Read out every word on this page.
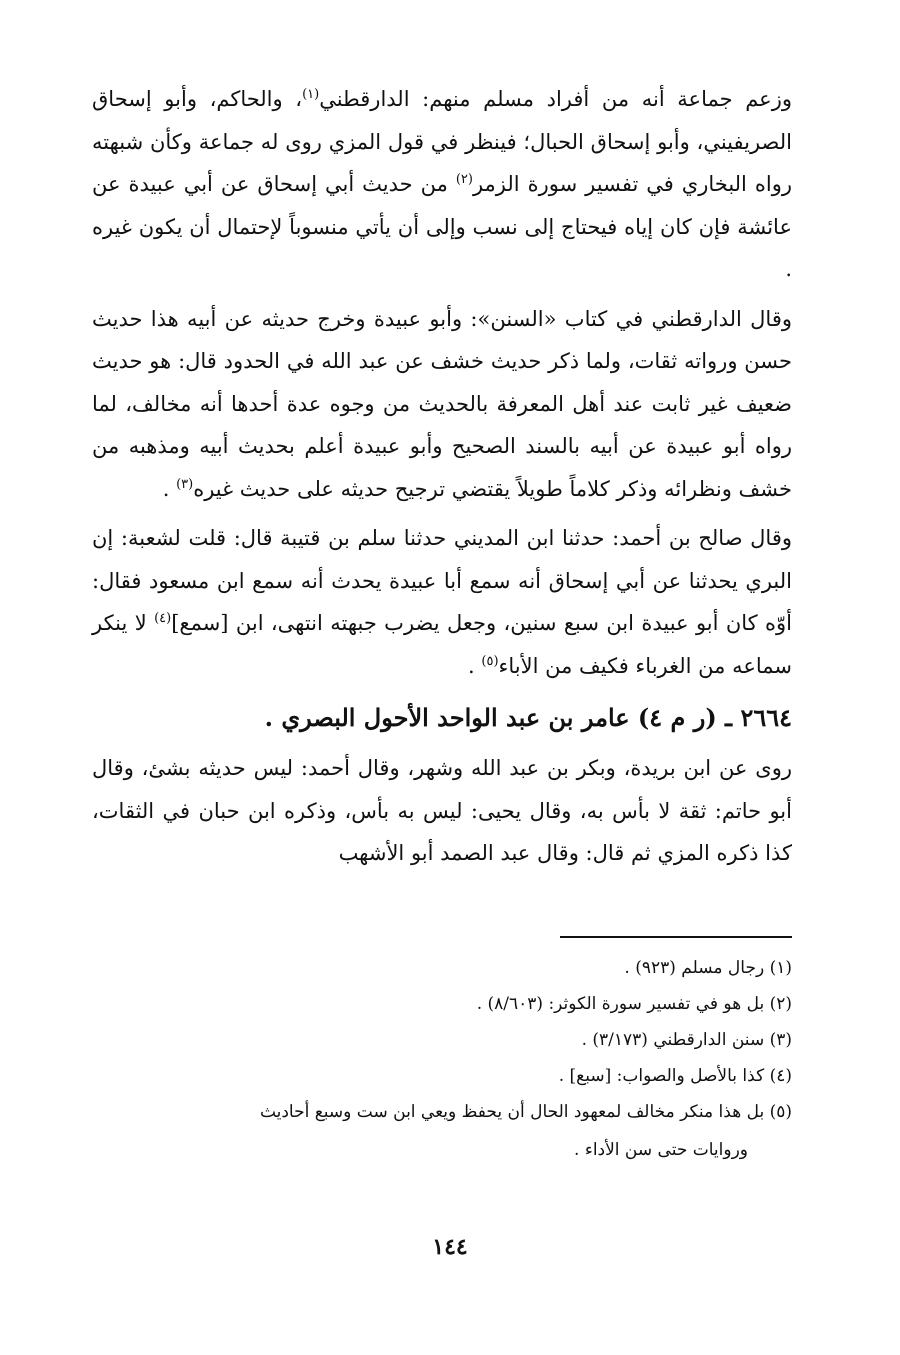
وزعم جماعة أنه من أفراد مسلم منهم: الدارقطني$^{(١)}$، والحاكم، وأبو إسحاق الصريفيني، وأبو إسحاق الحبال؛ فينظر في قول المزي روى له جماعة وكأن شبهته رواه البخاري في تفسير سورة الزمر$^{(٢)}$ من حديث أبي إسحاق عن أبي عبيدة عن عائشة فإن كان إياه فيحتاج إلى نسب وإلى أن يأتي منسوباً لإحتمال أن يكون غيره .

وقال الدارقطني في كتاب «السنن»: وأبو عبيدة وخرج حديثه عن أبيه هذا حديث حسن ورواته ثقات، ولما ذكر حديث خشف عن عبد الله في الحدود قال: هو حديث ضعيف غير ثابت عند أهل المعرفة بالحديث من وجوه عدة أحدها أنه مخالف، لما رواه أبو عبيدة عن أبيه بالسند الصحيح وأبو عبيدة أعلم بحديث أبيه ومذهبه من خشف ونظرائه وذكر كلاماً طويلاً يقتضي ترجيح حديثه على حديث غيره$^{(٣)}$ .

وقال صالح بن أحمد: حدثنا ابن المديني حدثنا سلم بن قتيبة قال: قلت لشعبة: إن البري يحدثنا عن أبي إسحاق أنه سمع أبا عبيدة يحدث أنه سمع ابن مسعود فقال: أوّه كان أبو عبيدة ابن سبع سنين، وجعل يضرب جبهته انتهى، ابن [سمع]$^{(٤)}$ لا ينكر سماعه من الغرباء فكيف من الأباء$^{(٥)}$ .

٢٦٦٤ ـ (ر م ٤) عامر بن عبد الواحد الأحول البصري .

روى عن ابن بريدة، وبكر بن عبد الله وشهر، وقال أحمد: ليس حديثه بشئ، وقال أبو حاتم: ثقة لا بأس به، وقال يحيى: ليس به بأس، وذكره ابن حبان في الثقات، كذا ذكره المزي ثم قال: وقال عبد الصمد أبو الأشهب

(١) رجال مسلم (٩٢٣) .

(٢) بل هو في تفسير سورة الكوثر: (٨/٦٠٣) .

(٣) سنن الدارقطني (٣/١٧٣) .

(٤) كذا بالأصل والصواب: [سبع] .

(٥) بل هذا منكر مخالف لمعهود الحال أن يحفظ ويعي ابن ست وسبع أحاديث

وروايات حتى سن الأداء .

١٤٤
